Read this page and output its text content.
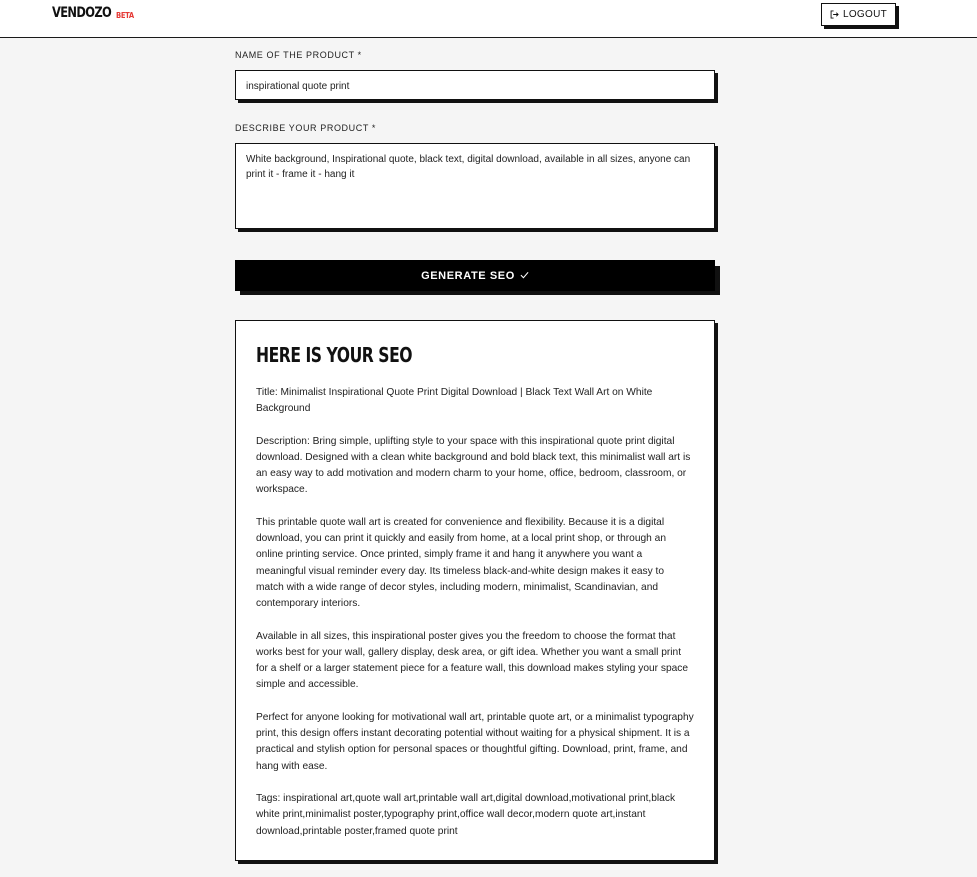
VENDOZO BETA	LOGOUT
NAME OF THE PRODUCT *
inspirational quote print
DESCRIBE YOUR PRODUCT *
White background, Inspirational quote, black text, digital download, available in all sizes, anyone can print it - frame it - hang it
GENERATE SEO
HERE IS YOUR SEO

Title: Minimalist Inspirational Quote Print Digital Download | Black Text Wall Art on White Background

Description: Bring simple, uplifting style to your space with this inspirational quote print digital download. Designed with a clean white background and bold black text, this minimalist wall art is an easy way to add motivation and modern charm to your home, office, bedroom, classroom, or workspace.

This printable quote wall art is created for convenience and flexibility. Because it is a digital download, you can print it quickly and easily from home, at a local print shop, or through an online printing service. Once printed, simply frame it and hang it anywhere you want a meaningful visual reminder every day. Its timeless black-and-white design makes it easy to match with a wide range of decor styles, including modern, minimalist, Scandinavian, and contemporary interiors.

Available in all sizes, this inspirational poster gives you the freedom to choose the format that works best for your wall, gallery display, desk area, or gift idea. Whether you want a small print for a shelf or a larger statement piece for a feature wall, this download makes styling your space simple and accessible.

Perfect for anyone looking for motivational wall art, printable quote art, or a minimalist typography print, this design offers instant decorating potential without waiting for a physical shipment. It is a practical and stylish option for personal spaces or thoughtful gifting. Download, print, frame, and hang with ease.

Tags: inspirational art,quote wall art,printable wall art,digital download,motivational print,black white print,minimalist poster,typography print,office wall decor,modern quote art,instant download,printable poster,framed quote print
